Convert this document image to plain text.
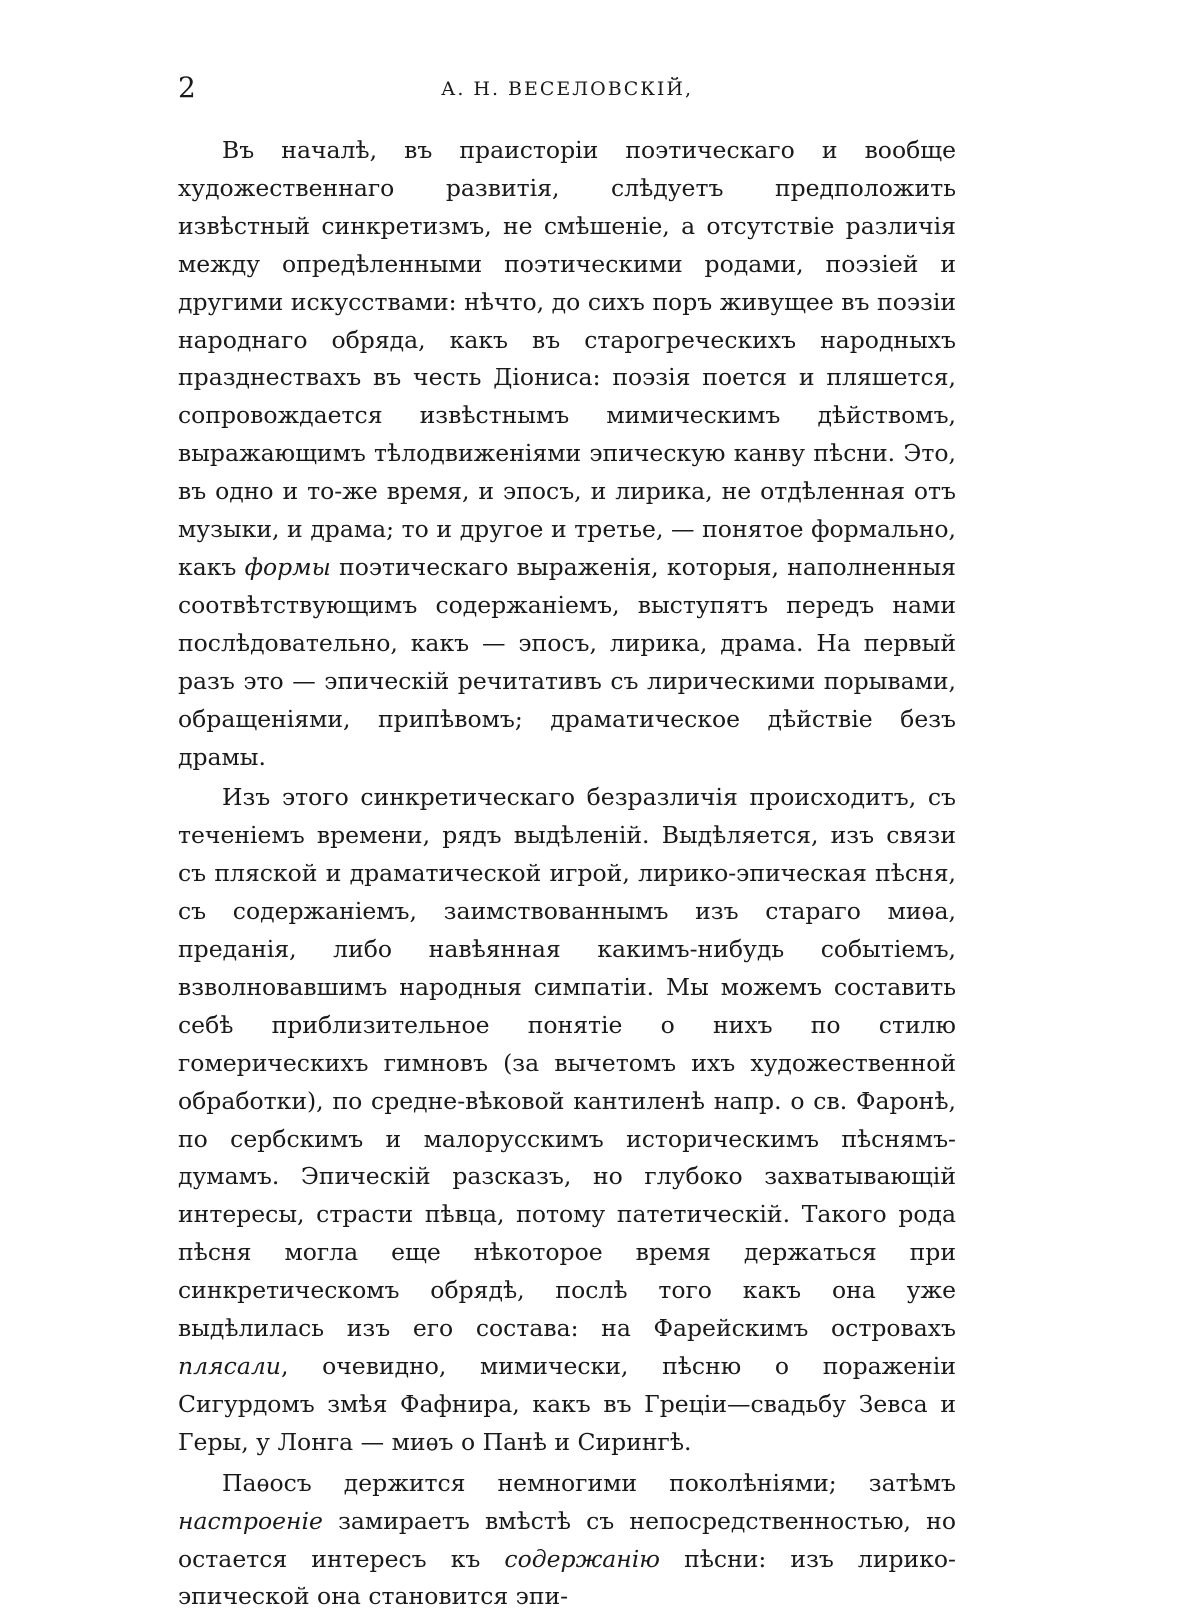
2	А. Н. ВЕСЕЛОВСКІЙ,

Въ началѣ, въ праисторіи поэтическаго и вообще художественнаго развитія, слѣдуетъ предположить извѣстный синкретизмъ, не смѣшеніе, а отсутствіе различія между опредѣленными поэтическими родами, поэзіей и другими искусствами: нѣчто, до сихъ поръ живущее въ поэзіи народнаго обряда, какъ въ старогреческихъ народныхъ празднествахъ въ честь Діониса: поэзія поется и пляшется, сопровождается извѣстнымъ мимическимъ дѣйствомъ, выражающимъ тѣлодвиженіями эпическую канву пѣсни. Это, въ одно и то-же время, и эпосъ, и лирика, не отдѣленная отъ музыки, и драма; то и другое и третье, — понятое формально, какъ формы поэтическаго выраженія, которыя, наполненныя соотвѣтствующимъ содержаніемъ, выступятъ передъ нами послѣдовательно, какъ — эпосъ, лирика, драма. На первый разъ это — эпическій речитативъ съ лирическими порывами, обращеніями, припѣвомъ; драматическое дѣйствіе безъ драмы.

Изъ этого синкретическаго безразличія происходитъ, съ теченіемъ времени, рядъ выдѣленій. Выдѣляется, изъ связи съ пляской и драматической игрой, лирико-эпическая пѣсня, съ содержаніемъ, заимствованнымъ изъ стараго миѳа, преданія, либо навѣянная какимъ-нибудь событіемъ, взволновавшимъ народныя симпатіи. Мы можемъ составить себѣ приблизительное понятіе о нихъ по стилю гомерическихъ гимновъ (за вычетомъ ихъ художественной обработки), по средне-вѣковой кантиленѣ напр. о св. Фаронѣ, по сербскимъ и малорусскимъ историческимъ пѣснямъ-думамъ. Эпическій разсказъ, но глубоко захватывающій интересы, страсти пѣвца, потому патетическій. Такого рода пѣсня могла еще нѣкоторое время держаться при синкретическомъ обрядѣ, послѣ того какъ она уже выдѣлилась изъ его состава: на Фарейскимъ островахъ плясали, очевидно, мимически, пѣсню о пораженіи Сигурдомъ змѣя Фафнира, какъ въ Греціи—свадьбу Зевса и Геры, у Лонга — миѳъ о Панѣ и Сирингѣ.

Паѳосъ держится немногими поколѣніями; затѣмъ настроеніе замираетъ вмѣстѣ съ непосредственностью, но остается интересъ къ содержанію пѣсни: изъ лирико-эпической она становится эпи-
